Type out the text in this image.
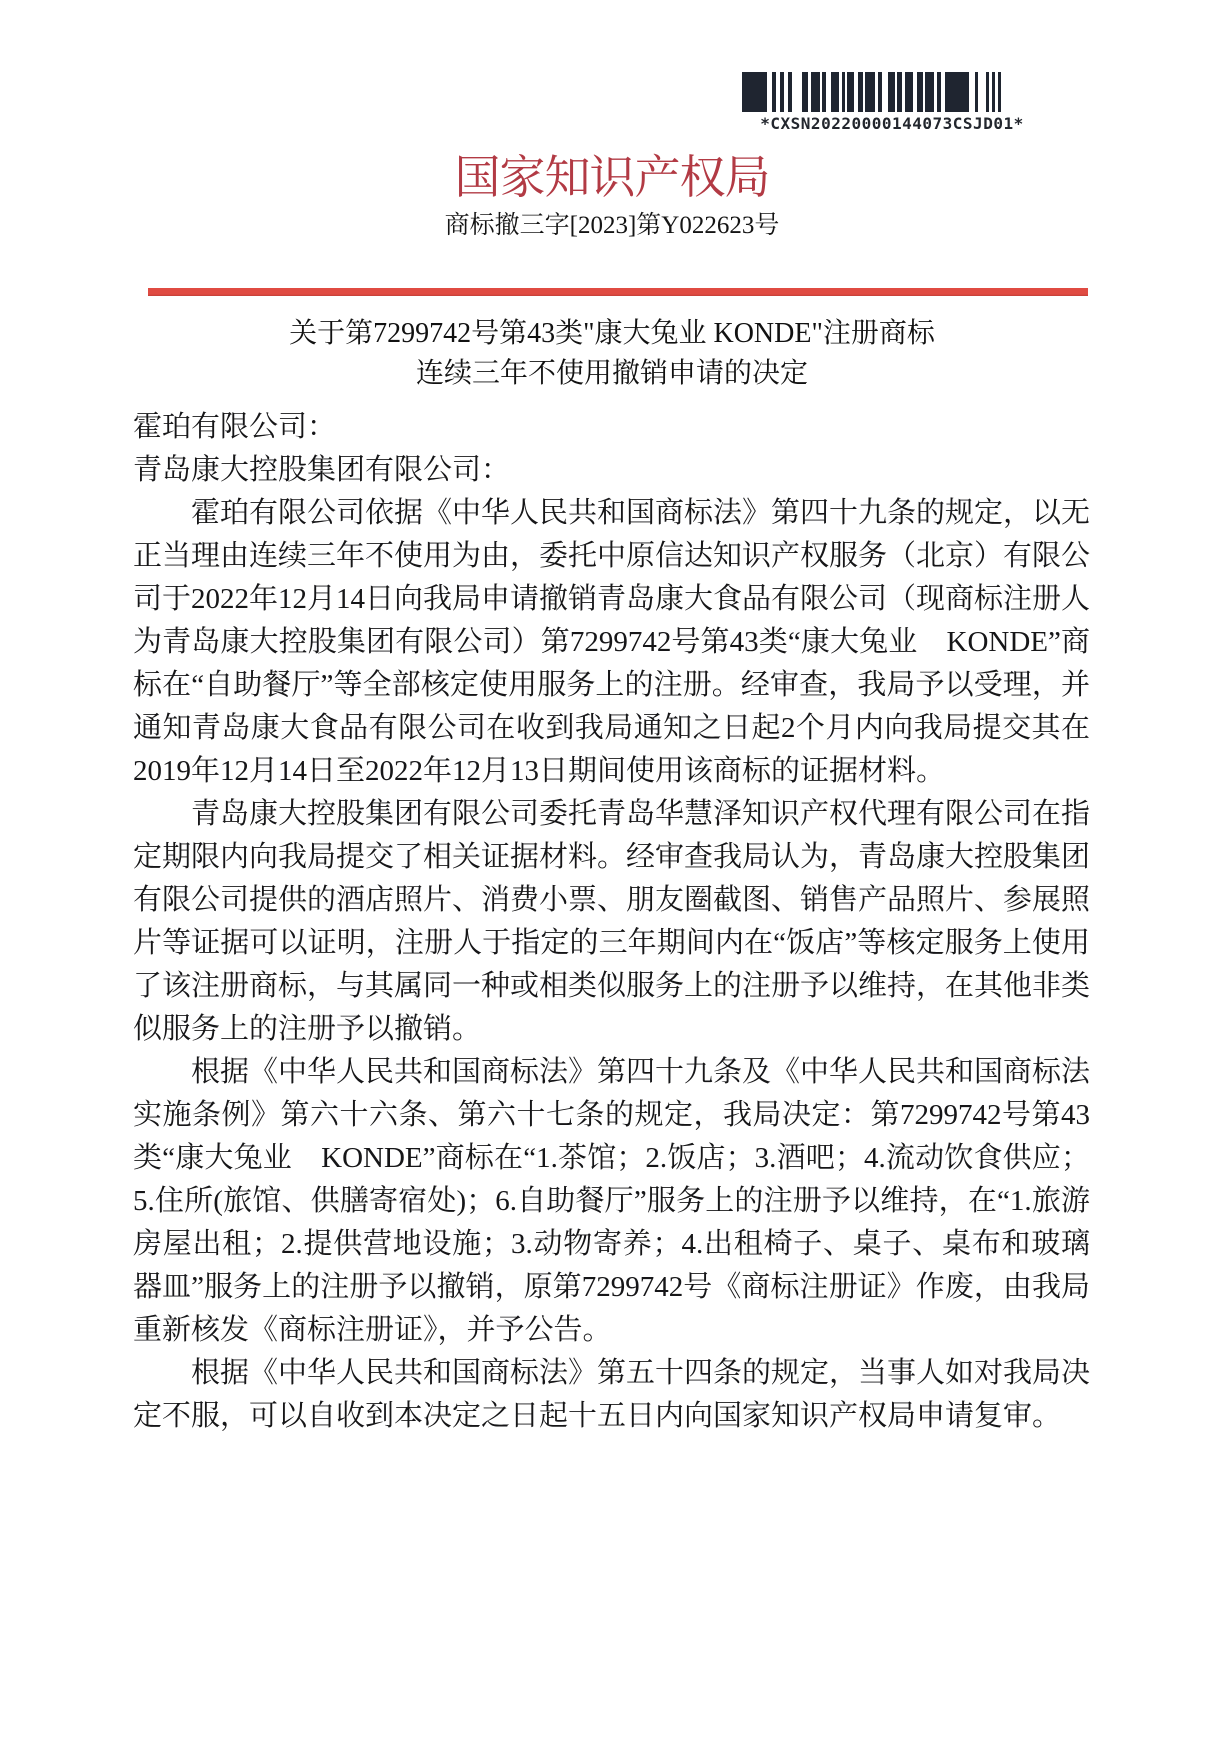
*CXSN20220000144073CSJD01*
国家知识产权局
商标撤三字[2023]第Y022623号
关于第7299742号第43类"康大兔业 KONDE"注册商标
连续三年不使用撤销申请的决定
霍珀有限公司：
青岛康大控股集团有限公司：

霍珀有限公司依据《中华人民共和国商标法》第四十九条的规定，以无正当理由连续三年不使用为由，委托中原信达知识产权服务（北京）有限公司于2022年12月14日向我局申请撤销青岛康大食品有限公司（现商标注册人为青岛康大控股集团有限公司）第7299742号第43类“康大兔业　KONDE”商标在“自助餐厅”等全部核定使用服务上的注册。经审查，我局予以受理，并通知青岛康大食品有限公司在收到我局通知之日起2个月内向我局提交其在2019年12月14日至2022年12月13日期间使用该商标的证据材料。

青岛康大控股集团有限公司委托青岛华慧泽知识产权代理有限公司在指定期限内向我局提交了相关证据材料。经审查我局认为，青岛康大控股集团有限公司提供的酒店照片、消费小票、朋友圈截图、销售产品照片、参展照片等证据可以证明，注册人于指定的三年期间内在“饭店”等核定服务上使用了该注册商标，与其属同一种或相类似服务上的注册予以维持，在其他非类似服务上的注册予以撤销。

根据《中华人民共和国商标法》第四十九条及《中华人民共和国商标法实施条例》第六十六条、第六十七条的规定，我局决定：第7299742号第43类“康大兔业　KONDE”商标在“1.茶馆；2.饭店；3.酒吧；4.流动饮食供应；5.住所(旅馆、供膳寄宿处)；6.自助餐厅”服务上的注册予以维持，在“1.旅游房屋出租；2.提供营地设施；3.动物寄养；4.出租椅子、桌子、桌布和玻璃器皿”服务上的注册予以撤销，原第7299742号《商标注册证》作废，由我局重新核发《商标注册证》，并予公告。

根据《中华人民共和国商标法》第五十四条的规定，当事人如对我局决定不服，可以自收到本决定之日起十五日内向国家知识产权局申请复审。
